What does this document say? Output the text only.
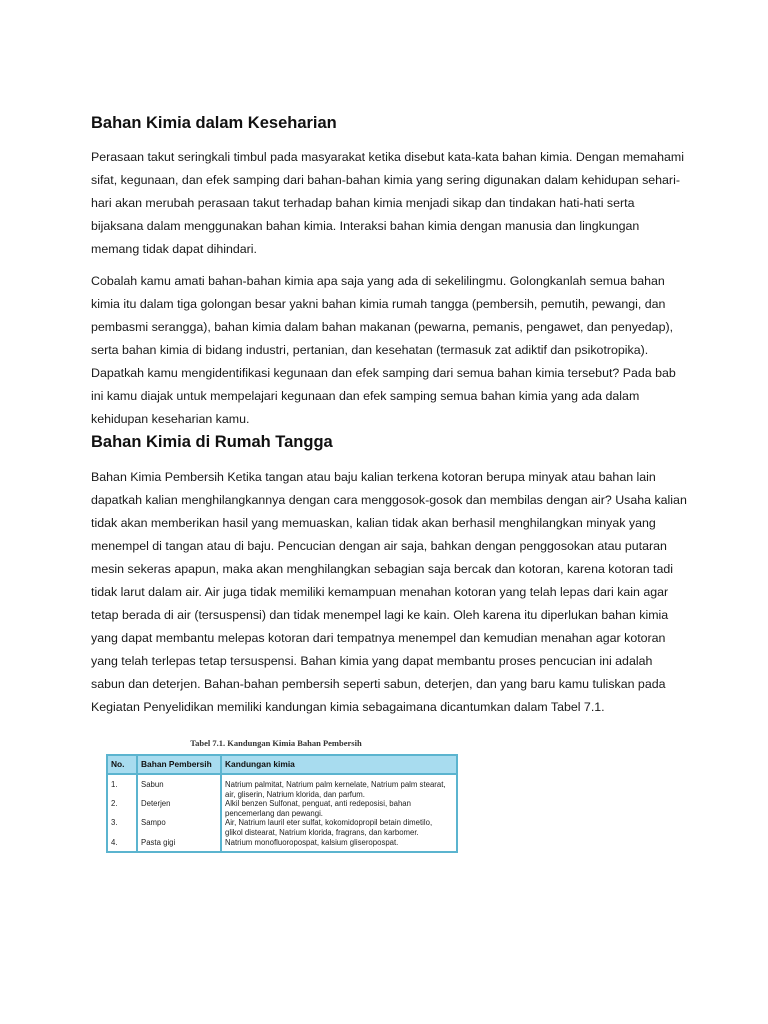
Bahan Kimia dalam Keseharian

Perasaan takut seringkali timbul pada masyarakat ketika disebut kata-kata bahan kimia. Dengan memahami sifat, kegunaan, dan efek samping dari bahan-bahan kimia yang sering digunakan dalam kehidupan sehari-hari akan merubah perasaan takut terhadap bahan kimia menjadi sikap dan tindakan hati-hati serta bijaksana dalam menggunakan bahan kimia. Interaksi bahan kimia dengan manusia dan lingkungan memang tidak dapat dihindari.

Cobalah kamu amati bahan-bahan kimia apa saja yang ada di sekelilingmu. Golongkanlah semua bahan kimia itu dalam tiga golongan besar yakni bahan kimia rumah tangga (pembersih, pemutih, pewangi, dan pembasmi serangga), bahan kimia dalam bahan makanan (pewarna, pemanis, pengawet, dan penyedap), serta bahan kimia di bidang industri, pertanian, dan kesehatan (termasuk zat adiktif dan psikotropika). Dapatkah kamu mengidentifikasi kegunaan dan efek samping dari semua bahan kimia tersebut? Pada bab ini kamu diajak untuk mempelajari kegunaan dan efek samping semua bahan kimia yang ada dalam kehidupan keseharian kamu.

Bahan Kimia di Rumah Tangga

Bahan Kimia Pembersih Ketika tangan atau baju kalian terkena kotoran berupa minyak atau bahan lain dapatkah kalian menghilangkannya dengan cara menggosok-gosok dan membilas dengan air? Usaha kalian tidak akan memberikan hasil yang memuaskan, kalian tidak akan berhasil menghilangkan minyak yang menempel di tangan atau di baju. Pencucian dengan air saja, bahkan dengan penggosokan atau putaran mesin sekeras apapun, maka akan menghilangkan sebagian saja bercak dan kotoran, karena kotoran tadi tidak larut dalam air. Air juga tidak memiliki kemampuan menahan kotoran yang telah lepas dari kain agar tetap berada di air (tersuspensi) dan tidak menempel lagi ke kain. Oleh karena itu diperlukan bahan kimia yang dapat membantu melepas kotoran dari tempatnya menempel dan kemudian menahan agar kotoran yang telah terlepas tetap tersuspensi. Bahan kimia yang dapat membantu proses pencucian ini adalah sabun dan deterjen. Bahan-bahan pembersih seperti sabun, deterjen, dan yang baru kamu tuliskan pada Kegiatan Penyelidikan memiliki kandungan kimia sebagaimana dicantumkan dalam Tabel 7.1.

Tabel 7.1. Kandungan Kimia Bahan Pembersih
No.	Bahan Pembersih	Kandungan kimia
1.	Sabun	Natrium palmitat, Natrium palm kernelate, Natrium palm stearat,
air, gliserin, Natrium klorida, dan parfum.

2.	Deterjen	Alkil benzen Sulfonat, penguat, anti redeposisi, bahan
pencemerlang dan pewangi.

3.	Sampo	Air, Natrium lauril eter sulfat, kokomidopropil betain dimetilo,
glikol distearat, Natrium klorida, fragrans, dan karbomer.

4.	Pasta gigi	Natrium monofluoropospat, kalsium gliseropospat.
